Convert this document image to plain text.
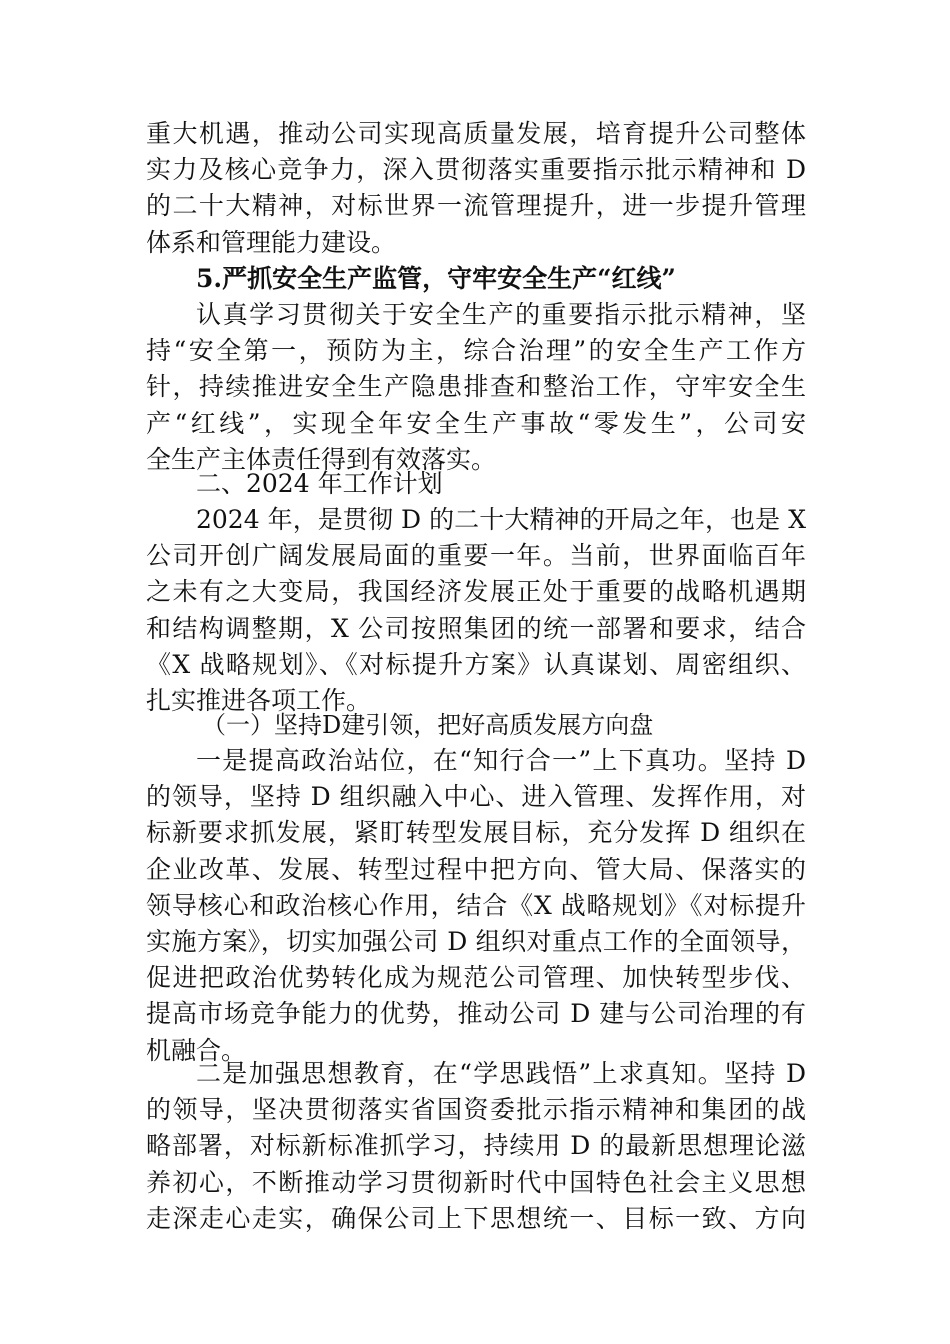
重大机遇，推动公司实现高质量发展，培育提升公司整体
实力及核心竞争力，深入贯彻落实重要指示批示精神和 D
的二十大精神，对标世界一流管理提升，进一步提升管理
体系和管理能力建设。
5.严抓安全生产监管，守牢安全生产“红线”
认真学习贯彻关于安全生产的重要指示批示精神，坚
持“安全第一，预防为主，综合治理”的安全生产工作方
针，持续推进安全生产隐患排查和整治工作，守牢安全生
产“红线”，实现全年安全生产事故“零发生”，公司安
全生产主体责任得到有效落实。
二、2024 年工作计划
2024 年，是贯彻 D 的二十大精神的开局之年，也是 X
公司开创广阔发展局面的重要一年。当前，世界面临百年
之未有之大变局，我国经济发展正处于重要的战略机遇期
和结构调整期，X 公司按照集团的统一部署和要求，结合
《X 战略规划》、《对标提升方案》认真谋划、周密组织、
扎实推进各项工作。
（一）坚持D建引领，把好高质发展方向盘
一是提高政治站位，在“知行合一”上下真功。坚持 D
的领导，坚持 D 组织融入中心、进入管理、发挥作用，对
标新要求抓发展，紧盯转型发展目标，充分发挥 D 组织在
企业改革、发展、转型过程中把方向、管大局、保落实的
领导核心和政治核心作用，结合《X 战略规划》《对标提升
实施方案》，切实加强公司 D 组织对重点工作的全面领导，
促进把政治优势转化成为规范公司管理、加快转型步伐、
提高市场竞争能力的优势，推动公司 D 建与公司治理的有
机融合。
二是加强思想教育，在“学思践悟”上求真知。坚持 D
的领导，坚决贯彻落实省国资委批示指示精神和集团的战
略部署，对标新标准抓学习，持续用 D 的最新思想理论滋
养初心，不断推动学习贯彻新时代中国特色社会主义思想
走深走心走实，确保公司上下思想统一、目标一致、方向
